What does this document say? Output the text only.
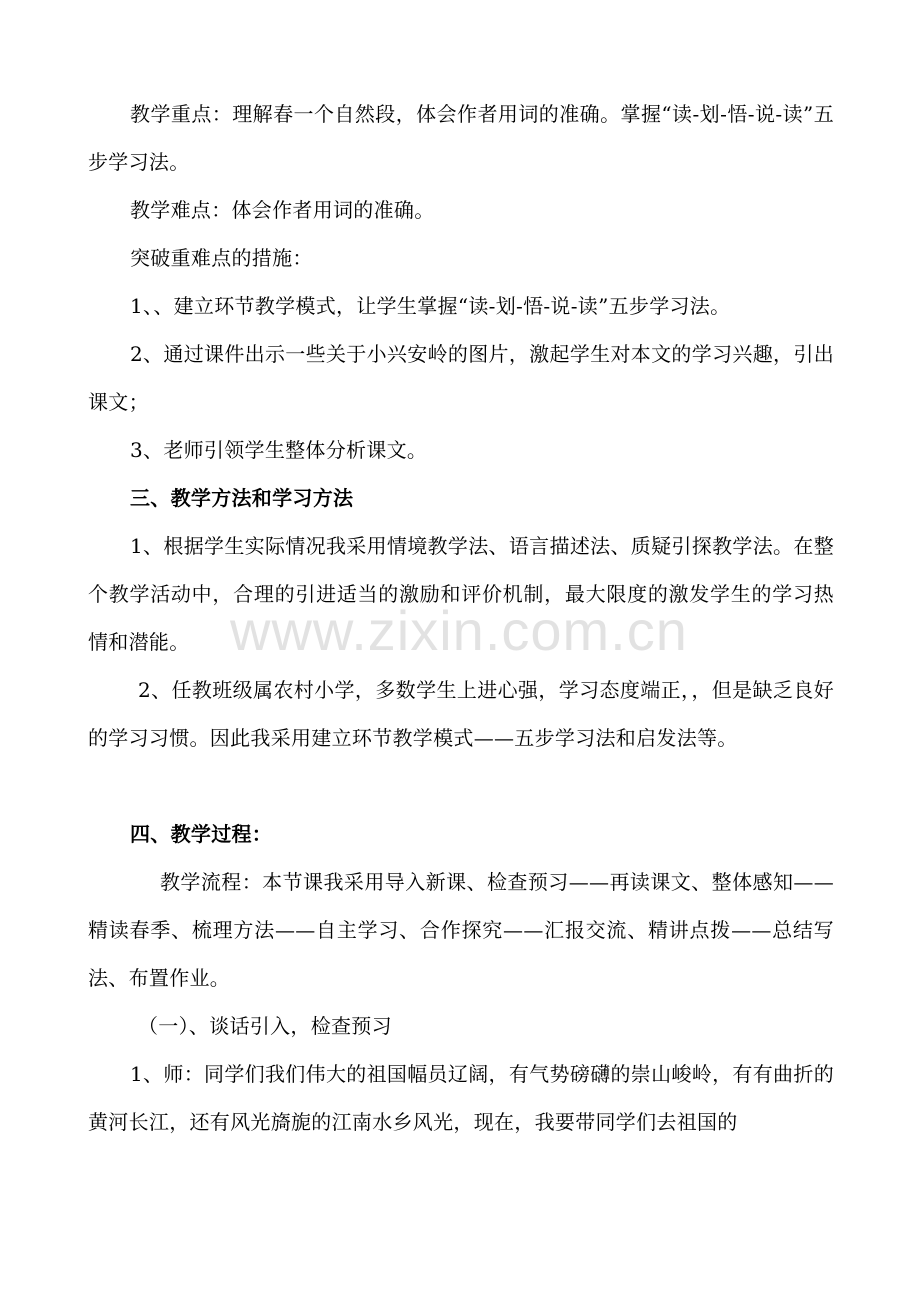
教学重点：理解春一个自然段，体会作者用词的准确。掌握“读-划-悟-说-读”五步学习法。

教学难点：体会作者用词的准确。

突破重难点的措施：

1、、建立环节教学模式，让学生掌握“读-划-悟-说-读”五步学习法。

2、通过课件出示一些关于小兴安岭的图片，激起学生对本文的学习兴趣，引出课文；

3、老师引领学生整体分析课文。

三、教学方法和学习方法

1、根据学生实际情况我采用情境教学法、语言描述法、质疑引探教学法。在整个教学活动中，合理的引进适当的激励和评价机制，最大限度的激发学生的学习热情和潜能。

2、任教班级属农村小学，多数学生上进心强，学习态度端正，，但是缺乏良好的学习习惯。因此我采用建立环节教学模式——五步学习法和启发法等。

四、教学过程：

教学流程：本节课我采用导入新课、检查预习——再读课文、整体感知——精读春季、梳理方法——自主学习、合作探究——汇报交流、精讲点拨——总结写法、布置作业。

（一）、谈话引入，检查预习

1、师：同学们我们伟大的祖国幅员辽阔，有气势磅礴的崇山峻岭，有有曲折的黄河长江，还有风光旖旎的江南水乡风光，现在，我要带同学们去祖国的

www.zixin.com.cn
